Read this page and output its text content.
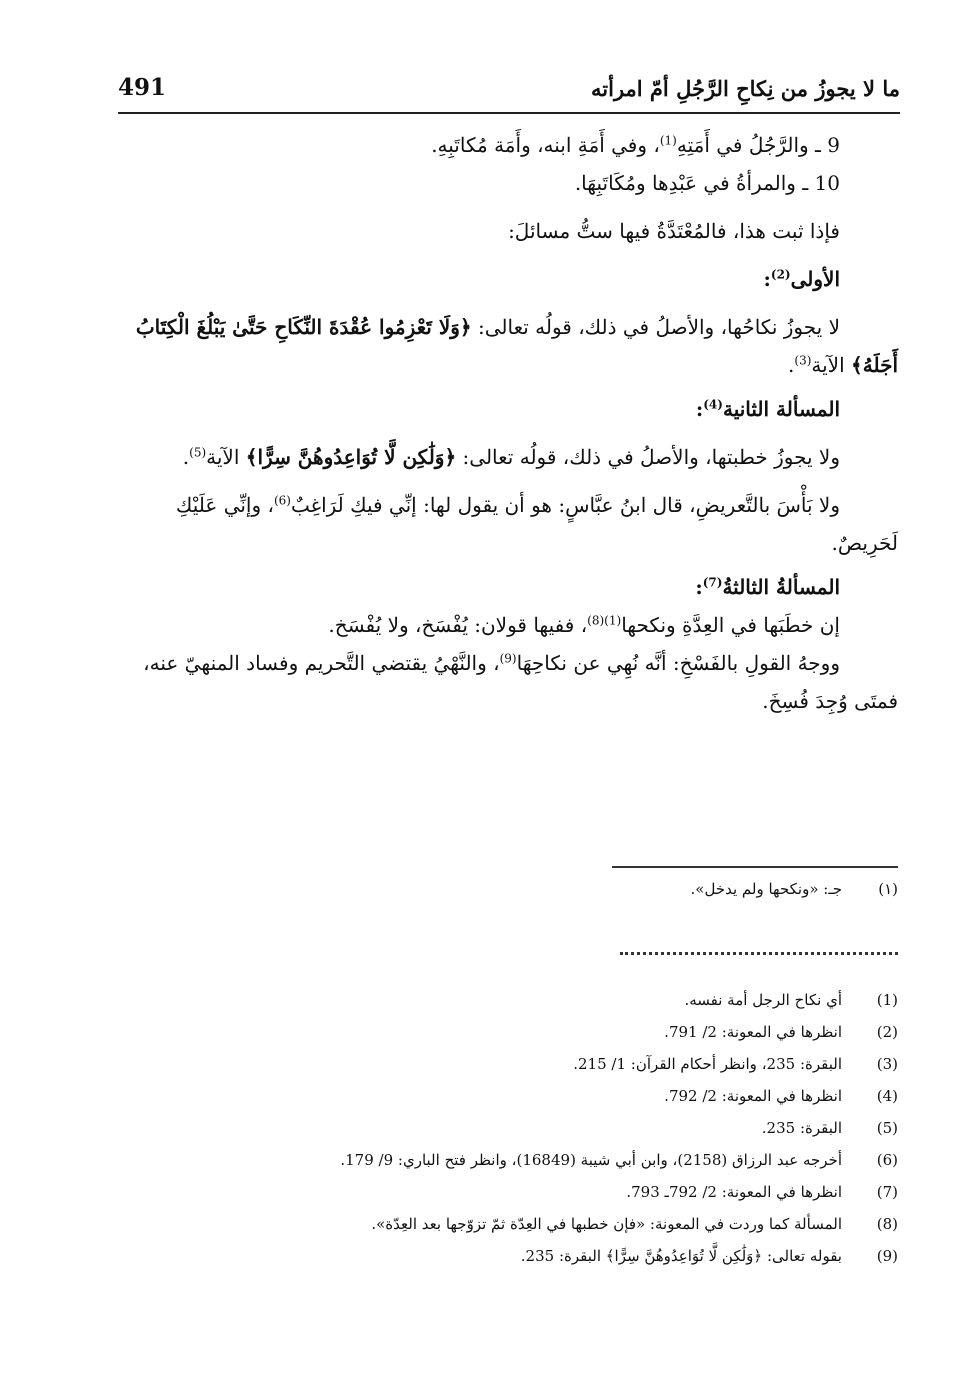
ما لا يجوزُ من نِكاحِ الرَّجُلِ أمّ امرأته
491

9 ـ والرَّجُلُ في أَمَتِهِ$^{(1)}$، وفي أَمَةِ ابنه، وأَمَة مُكاتَبِهِ.

10 ـ والمرأةُ في عَبْدِها ومُكَاتَبِهَا.

فإذا ثبت هذا، فالمُعْتَدَّةُ فيها ستُّ مسائلَ:

الأولى$^{(2)}$:

لا يجوزُ نكاحُها، والأصلُ في ذلك، قولُه تعالى: ﴿وَلَا تَعْزِمُوا عُقْدَةَ النِّكَاحِ حَتَّىٰ يَبْلُغَ الْكِتَابُ أَجَلَهُ﴾ الآية$^{(3)}$.

المسألة الثانية$^{(4)}$:

ولا يجوزُ خطبتها، والأصلُ في ذلك، قولُه تعالى: ﴿وَلَٰكِن لَّا تُوَاعِدُوهُنَّ سِرًّا﴾ الآية$^{(5)}$.

ولا بَأْسَ بالتَّعريضِ، قال ابنُ عبَّاسٍ: هو أن يقول لها: إنِّي فيكِ لَرَاغِبٌ$^{(6)}$، وإنِّي عَلَيْكِ لَحَرِيصٌ.

المسألةُ الثالثةُ$^{(7)}$:

إن خطَبَها في العِدَّةِ ونكحها$^{(1)(8)}$، ففيها قولان: يُفْسَخ، ولا يُفْسَخ.

ووجهُ القولِ بالفَسْخِ: أنَّه نُهِي عن نكاحِهَا$^{(9)}$، والنَّهْيُ يقتضي التَّحريم وفساد المنهيّ عنه، فمتَى وُجِدَ فُسِخَ.

(١)جـ: «ونكحها ولم يدخل».
(1)أي نكاح الرجل أمة نفسه.
(2)انظرها في المعونة: 2/ 791.
(3)البقرة: 235، وانظر أحكام القرآن: 1/ 215.
(4)انظرها في المعونة: 2/ 792.
(5)البقرة: 235.
(6)أخرجه عبد الرزاق (2158)، وابن أبي شيبة (16849)، وانظر فتح الباري: 9/ 179.
(7)انظرها في المعونة: 2/ 792ـ 793.
(8)المسألة كما وردت في المعونة: «فإن خطبها في العِدّة ثمّ تزوّجها بعد العِدّة».
(9)بقوله تعالى: ﴿وَلَٰكِن لَّا تُوَاعِدُوهُنَّ سِرًّا﴾ البقرة: 235.
